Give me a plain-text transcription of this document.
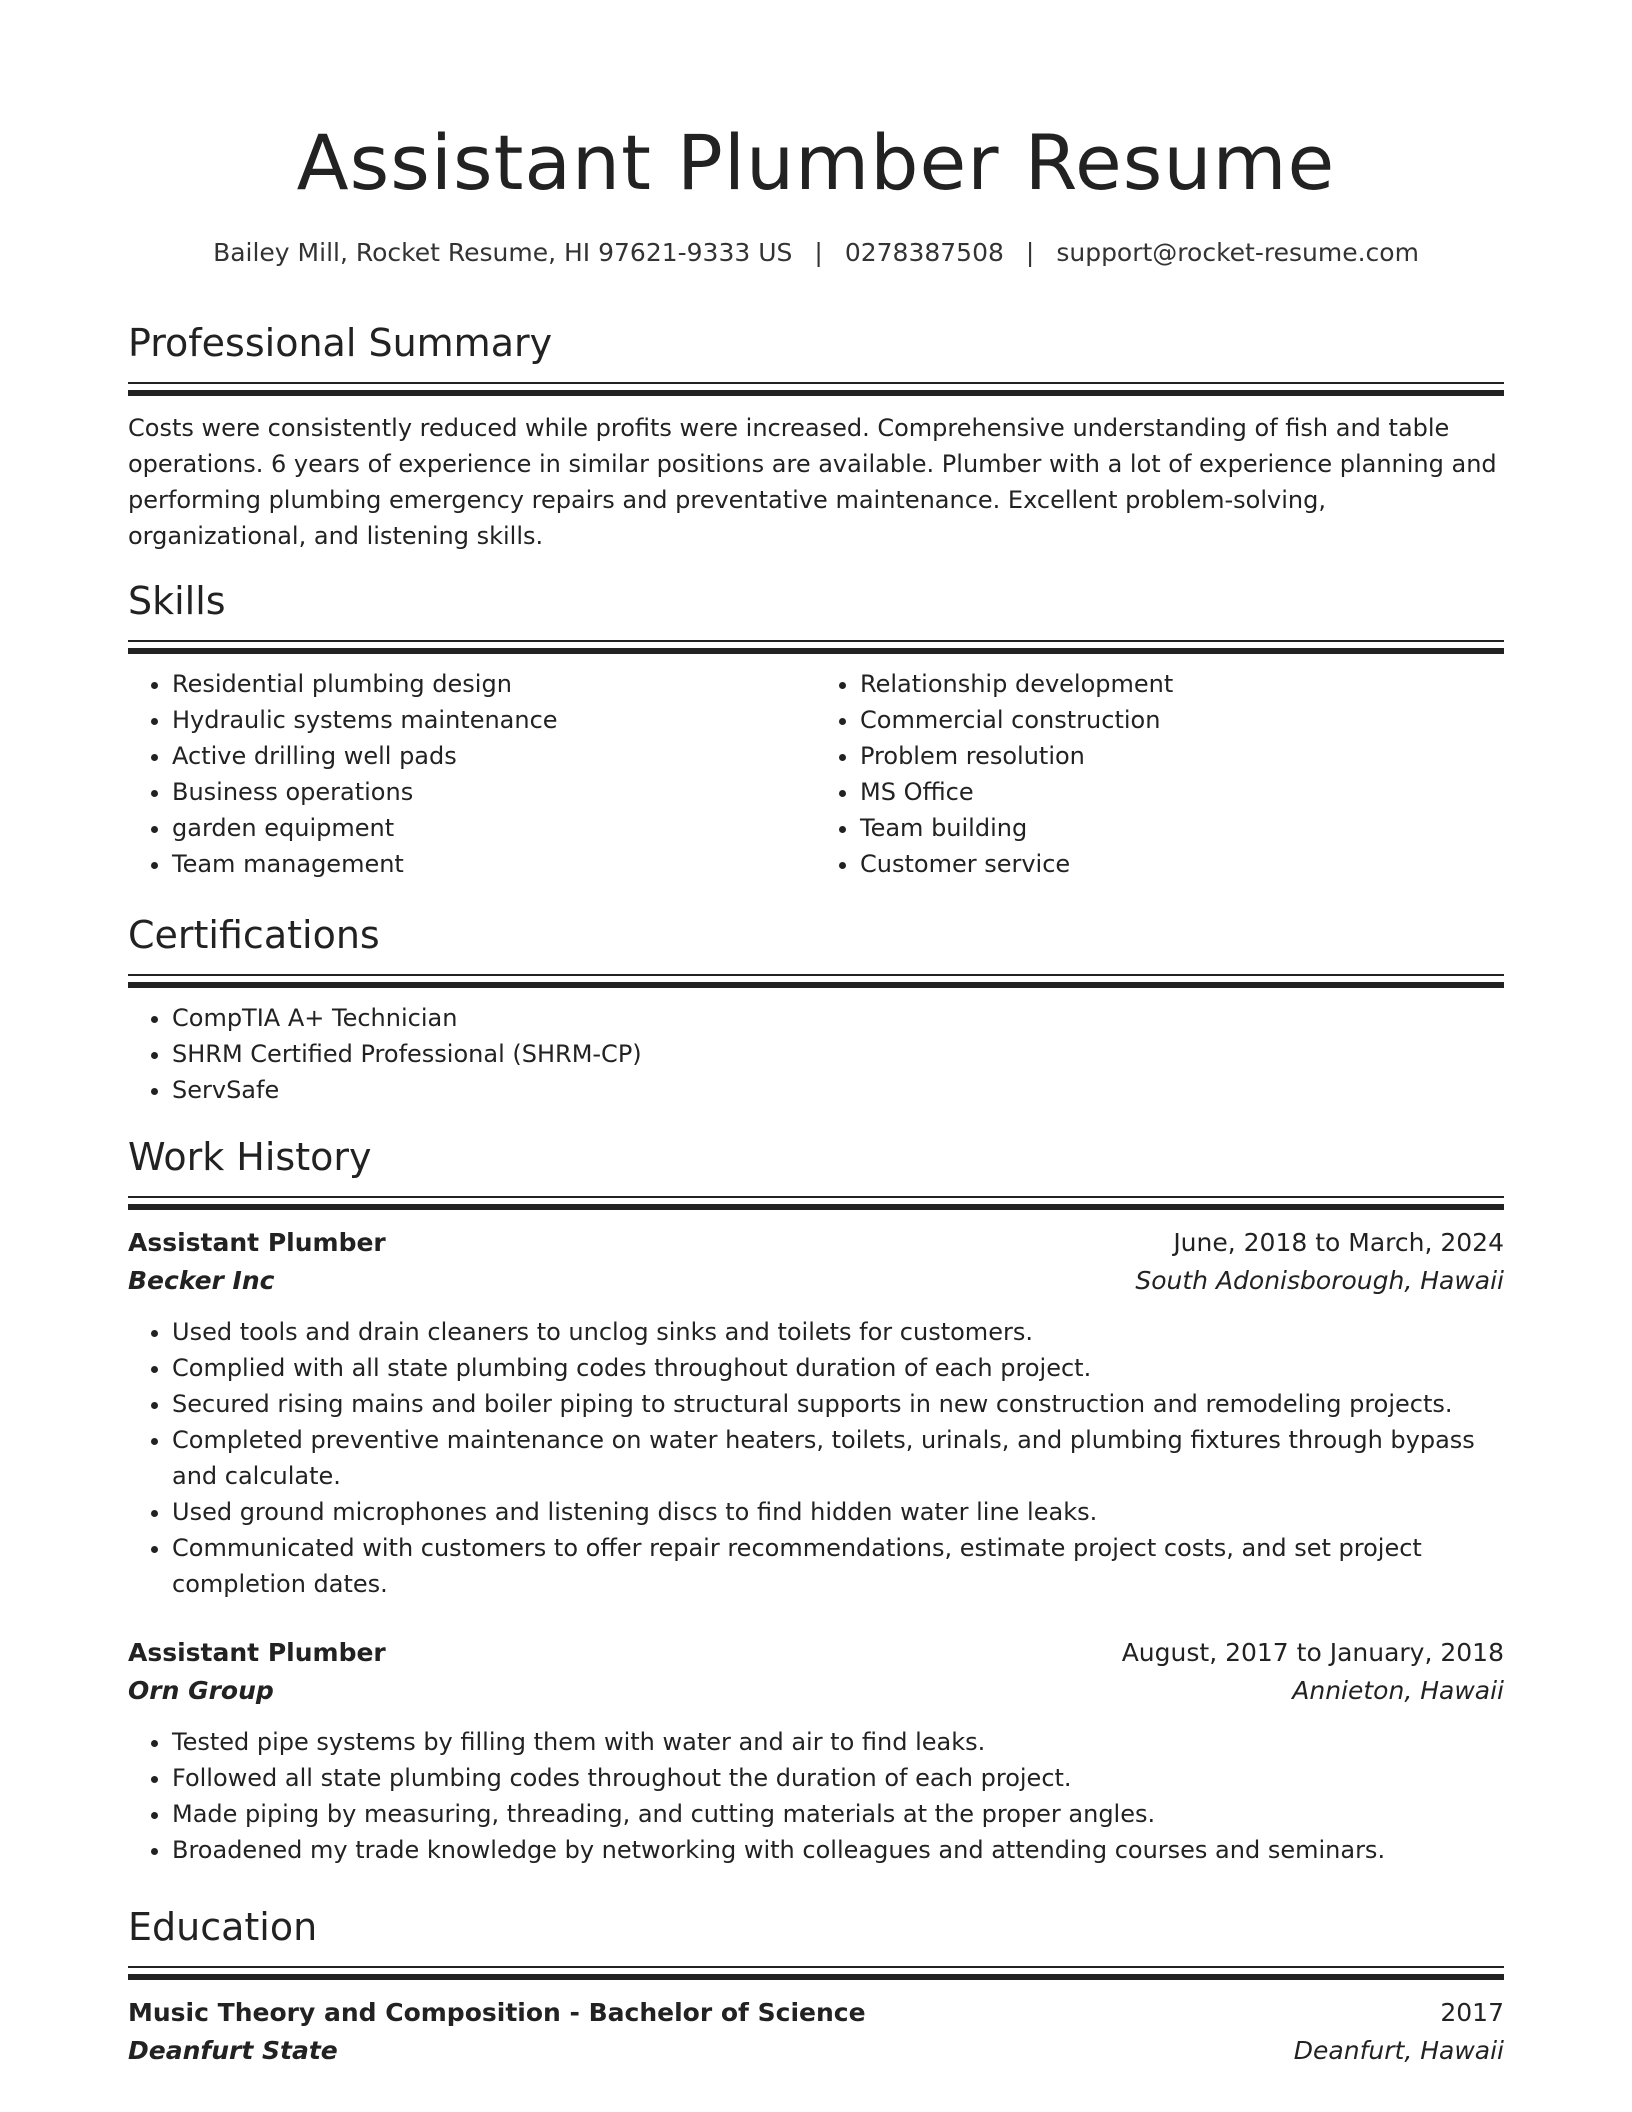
Assistant Plumber Resume
Bailey Mill, Rocket Resume, HI 97621-9333 US | 0278387508 | support@rocket-resume.com
Professional Summary
Costs were consistently reduced while profits were increased. Comprehensive understanding of fish and table operations. 6 years of experience in similar positions are available. Plumber with a lot of experience planning and performing plumbing emergency repairs and preventative maintenance. Excellent problem-solving, organizational, and listening skills.
Skills
• Residential plumbing design
• Hydraulic systems maintenance
• Active drilling well pads
• Business operations
• garden equipment
• Team management
• Relationship development
• Commercial construction
• Problem resolution
• MS Office
• Team building
• Customer service
Certifications
• CompTIA A+ Technician
• SHRM Certified Professional (SHRM-CP)
• ServSafe
Work History
Assistant Plumber	June, 2018 to March, 2024
Becker Inc	South Adonisborough, Hawaii
• Used tools and drain cleaners to unclog sinks and toilets for customers.
• Complied with all state plumbing codes throughout duration of each project.
• Secured rising mains and boiler piping to structural supports in new construction and remodeling projects.
• Completed preventive maintenance on water heaters, toilets, urinals, and plumbing fixtures through bypass and calculate.
• Used ground microphones and listening discs to find hidden water line leaks.
• Communicated with customers to offer repair recommendations, estimate project costs, and set project completion dates.
Assistant Plumber	August, 2017 to January, 2018
Orn Group	Annieton, Hawaii
• Tested pipe systems by filling them with water and air to find leaks.
• Followed all state plumbing codes throughout the duration of each project.
• Made piping by measuring, threading, and cutting materials at the proper angles.
• Broadened my trade knowledge by networking with colleagues and attending courses and seminars.
Education
Music Theory and Composition - Bachelor of Science	2017
Deanfurt State	Deanfurt, Hawaii
